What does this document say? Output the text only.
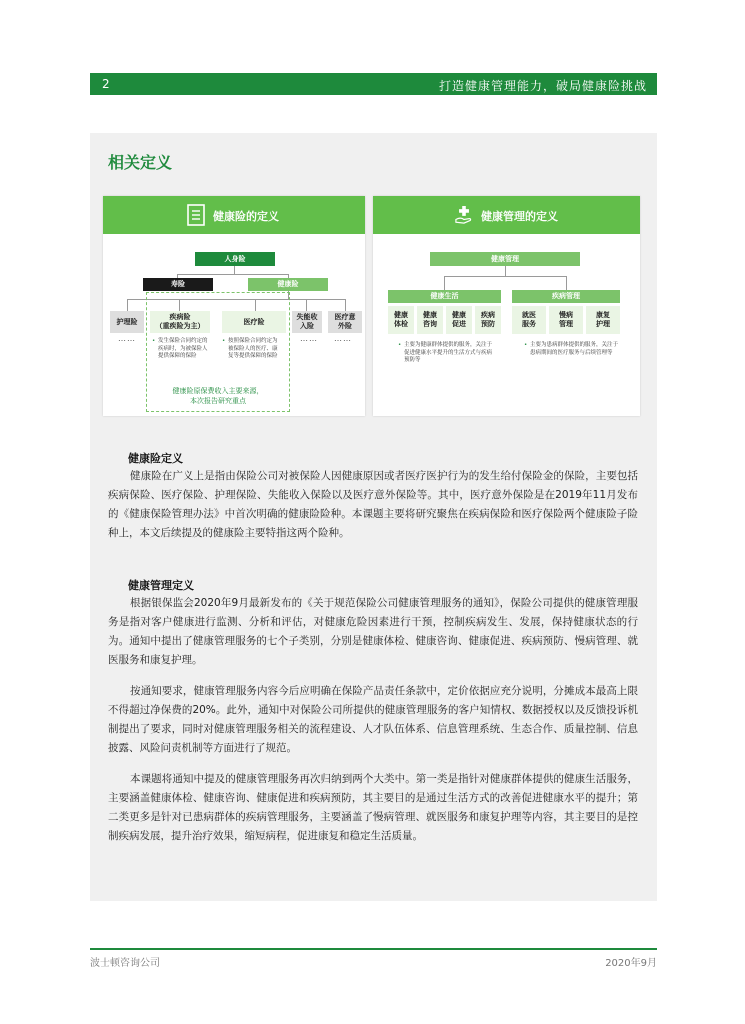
2	打造健康管理能力，破局健康险挑战
相关定义
健康险的定义
人身险
寿险	健康险
护理险
疾病险
（重疾险为主）	医疗险
失能收
入险
医疗意
外险
……	…… ……
• 发生保险合同约定的疾病时，为被保险人提供保障的保险
• 按照保险合同约定为被保险人的医疗、康复等提供保障的保险
健康险原保费收入主要来源，
本次报告研究重点
健康管理的定义
健康管理
健康生活	疾病管理
健康
体检
健康
咨询
健康
促进
疾病
预防
就医
服务
慢病
管理
康复
护理
• 主要为健康群体提供的服务，关注于促进健康水平提升的生活方式与疾病预防等
• 主要为患病群体提供的服务，关注于患病期间的医疗服务与后续管理等
健康险定义
健康险在广义上是指由保险公司对被保险人因健康原因或者医疗医护行为的发生给付保险金的保险，主要包括疾病保险、医疗保险、护理保险、失能收入保险以及医疗意外保险等。其中，医疗意外保险是在2019年11月发布的《健康保险管理办法》中首次明确的健康险险种。本课题主要将研究聚焦在疾病保险和医疗保险两个健康险子险种上，本文后续提及的健康险主要特指这两个险种。
健康管理定义
根据银保监会2020年9月最新发布的《关于规范保险公司健康管理服务的通知》，保险公司提供的健康管理服务是指对客户健康进行监测、分析和评估，对健康危险因素进行干预，控制疾病发生、发展，保持健康状态的行为。通知中提出了健康管理服务的七个子类别，分别是健康体检、健康咨询、健康促进、疾病预防、慢病管理、就医服务和康复护理。
按通知要求，健康管理服务内容今后应明确在保险产品责任条款中，定价依据应充分说明，分摊成本最高上限不得超过净保费的20%。此外，通知中对保险公司所提供的健康管理服务的客户知情权、数据授权以及反馈投诉机制提出了要求，同时对健康管理服务相关的流程建设、人才队伍体系、信息管理系统、生态合作、质量控制、信息披露、风险问责机制等方面进行了规范。
本课题将通知中提及的健康管理服务再次归纳到两个大类中。第一类是指针对健康群体提供的健康生活服务，主要涵盖健康体检、健康咨询、健康促进和疾病预防，其主要目的是通过生活方式的改善促进健康水平的提升；第二类更多是针对已患病群体的疾病管理服务，主要涵盖了慢病管理、就医服务和康复护理等内容，其主要目的是控制疾病发展，提升治疗效果，缩短病程，促进康复和稳定生活质量。
波士顿咨询公司	2020年9月
